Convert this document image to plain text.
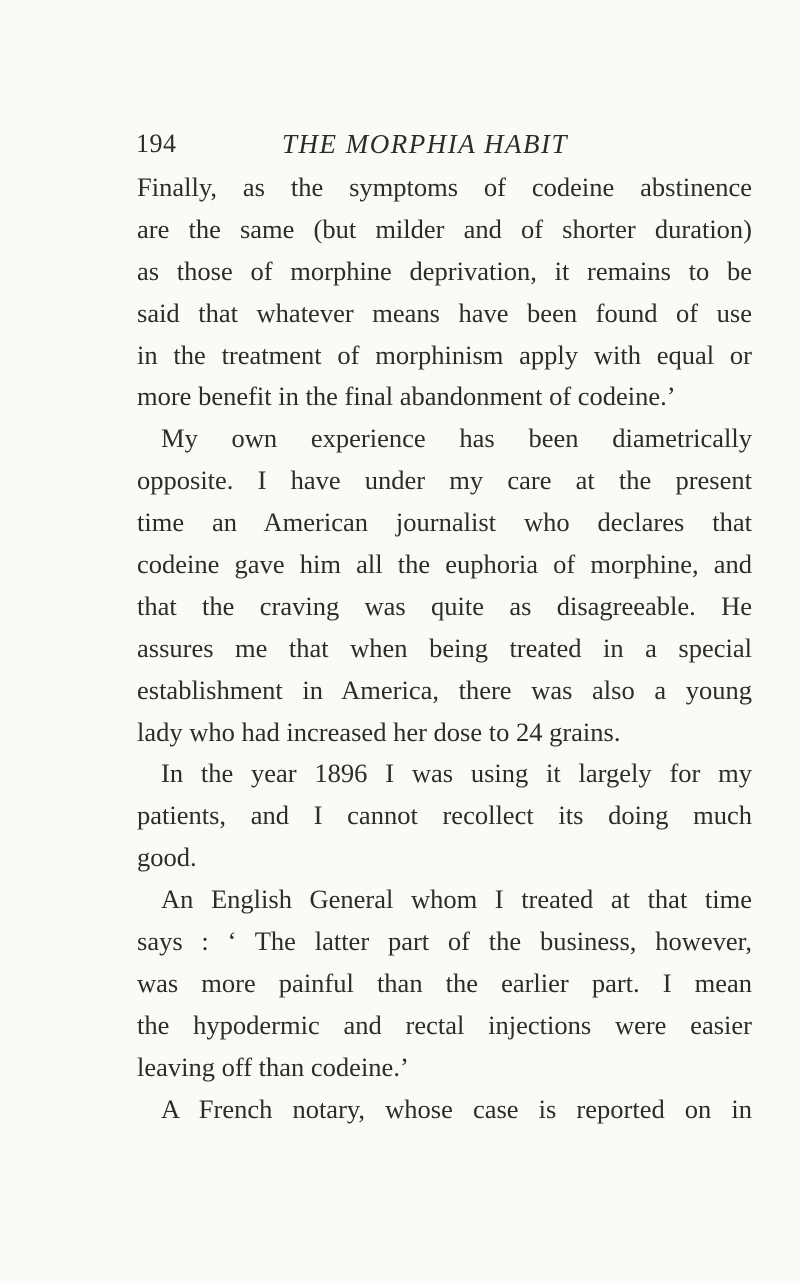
194	THE MORPHIA HABIT
Finally, as the symptoms of codeine abstinence
are the same (but milder and of shorter duration)
as those of morphine deprivation, it remains to be
said that whatever means have been found of use
in the treatment of morphinism apply with equal or
more benefit in the final abandonment of codeine.’
My own experience has been diametrically
opposite. I have under my care at the present
time an American journalist who declares that
codeine gave him all the euphoria of morphine, and
that the craving was quite as disagreeable. He
assures me that when being treated in a special
establishment in America, there was also a young
lady who had increased her dose to 24 grains.
In the year 1896 I was using it largely for my
patients, and I cannot recollect its doing much
good.
An English General whom I treated at that time
says : ‘ The latter part of the business, however,
was more painful than the earlier part. I mean
the hypodermic and rectal injections were easier
leaving off than codeine.’
A French notary, whose case is reported on in
